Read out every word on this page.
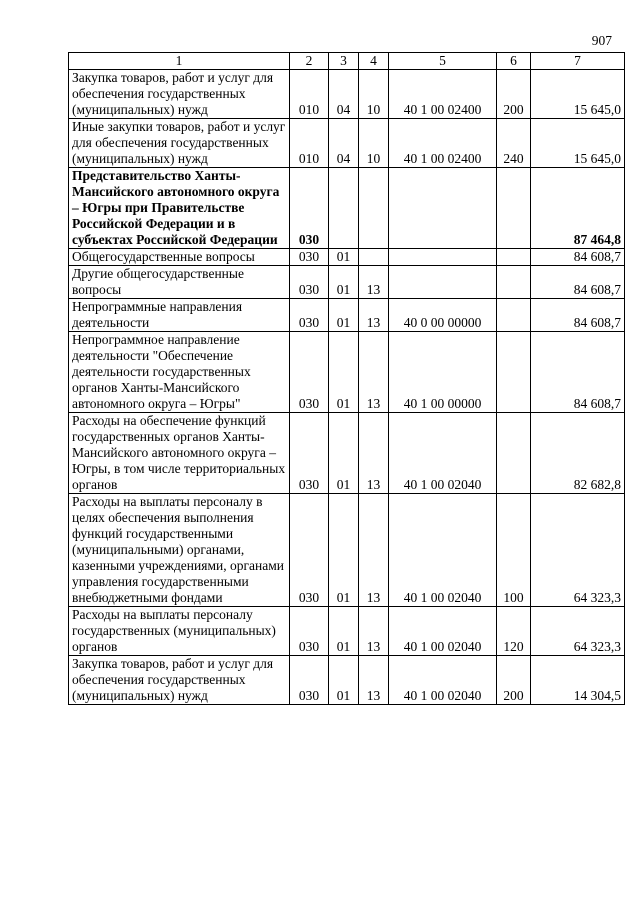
907
1	2	3	4	5	6	7
Закупка товаров, работ и услуг для обеспечения государственных (муниципальных) нужд	010	04	10	40 1 00 02400	200	15 645,0
Иные закупки товаров, работ и услуг для обеспечения государственных (муниципальных) нужд	010	04	10	40 1 00 02400	240	15 645,0
Представительство Ханты-Мансийского автономного округа – Югры при Правительстве Российской Федерации и в субъектах Российской Федерации	030					87 464,8
Общегосударственные вопросы	030	01				84 608,7
Другие общегосударственные вопросы	030	01	13			84 608,7
Непрограммные направления деятельности	030	01	13	40 0 00 00000		84 608,7
Непрограммное направление деятельности "Обеспечение деятельности государственных органов Ханты-Мансийского автономного округа – Югры"	030	01	13	40 1 00 00000		84 608,7
Расходы на обеспечение функций государственных органов Ханты-Мансийского автономного округа – Югры, в том числе территориальных органов	030	01	13	40 1 00 02040		82 682,8
Расходы на выплаты персоналу в целях обеспечения выполнения функций государственными (муниципальными) органами, казенными учреждениями, органами управления государственными внебюджетными фондами	030	01	13	40 1 00 02040	100	64 323,3
Расходы на выплаты персоналу государственных (муниципальных) органов	030	01	13	40 1 00 02040	120	64 323,3
Закупка товаров, работ и услуг для обеспечения государственных (муниципальных) нужд	030	01	13	40 1 00 02040	200	14 304,5
